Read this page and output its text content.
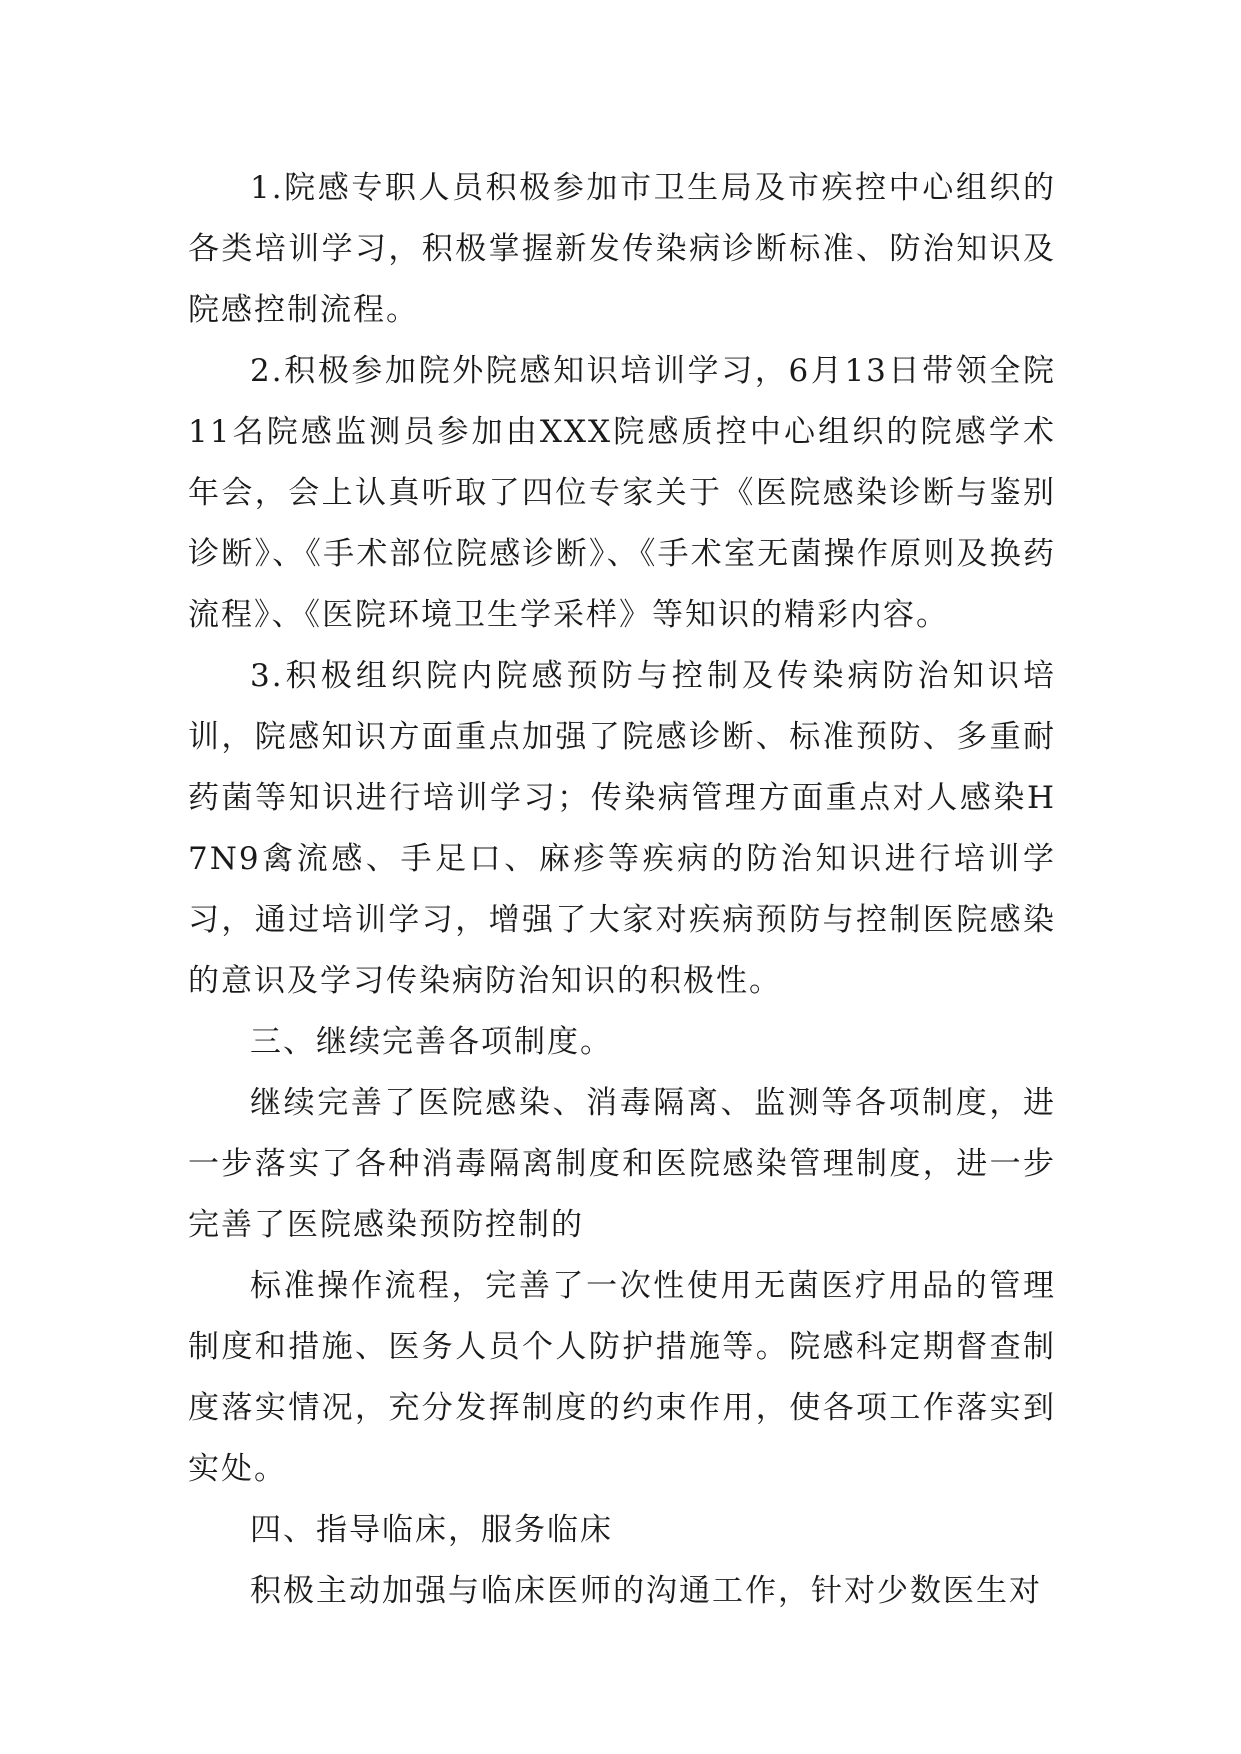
1.院感专职人员积极参加市卫生局及市疾控中心组织的各类培训学习，积极掌握新发传染病诊断标准、防治知识及院感控制流程。

2.积极参加院外院感知识培训学习，6月13日带领全院11名院感监测员参加由XXX院感质控中心组织的院感学术年会，会上认真听取了四位专家关于《医院感染诊断与鉴别诊断》、《手术部位院感诊断》、《手术室无菌操作原则及换药流程》、《医院环境卫生学采样》等知识的精彩内容。

3.积极组织院内院感预防与控制及传染病防治知识培训，院感知识方面重点加强了院感诊断、标准预防、多重耐药菌等知识进行培训学习；传染病管理方面重点对人感染H7N9禽流感、手足口、麻疹等疾病的防治知识进行培训学习，通过培训学习，增强了大家对疾病预防与控制医院感染的意识及学习传染病防治知识的积极性。

三、继续完善各项制度。

继续完善了医院感染、消毒隔离、监测等各项制度，进一步落实了各种消毒隔离制度和医院感染管理制度，进一步完善了医院感染预防控制的

标准操作流程，完善了一次性使用无菌医疗用品的管理制度和措施、医务人员个人防护措施等。院感科定期督查制度落实情况，充分发挥制度的约束作用，使各项工作落实到实处。

四、指导临床，服务临床

积极主动加强与临床医师的沟通工作，针对少数医生对
